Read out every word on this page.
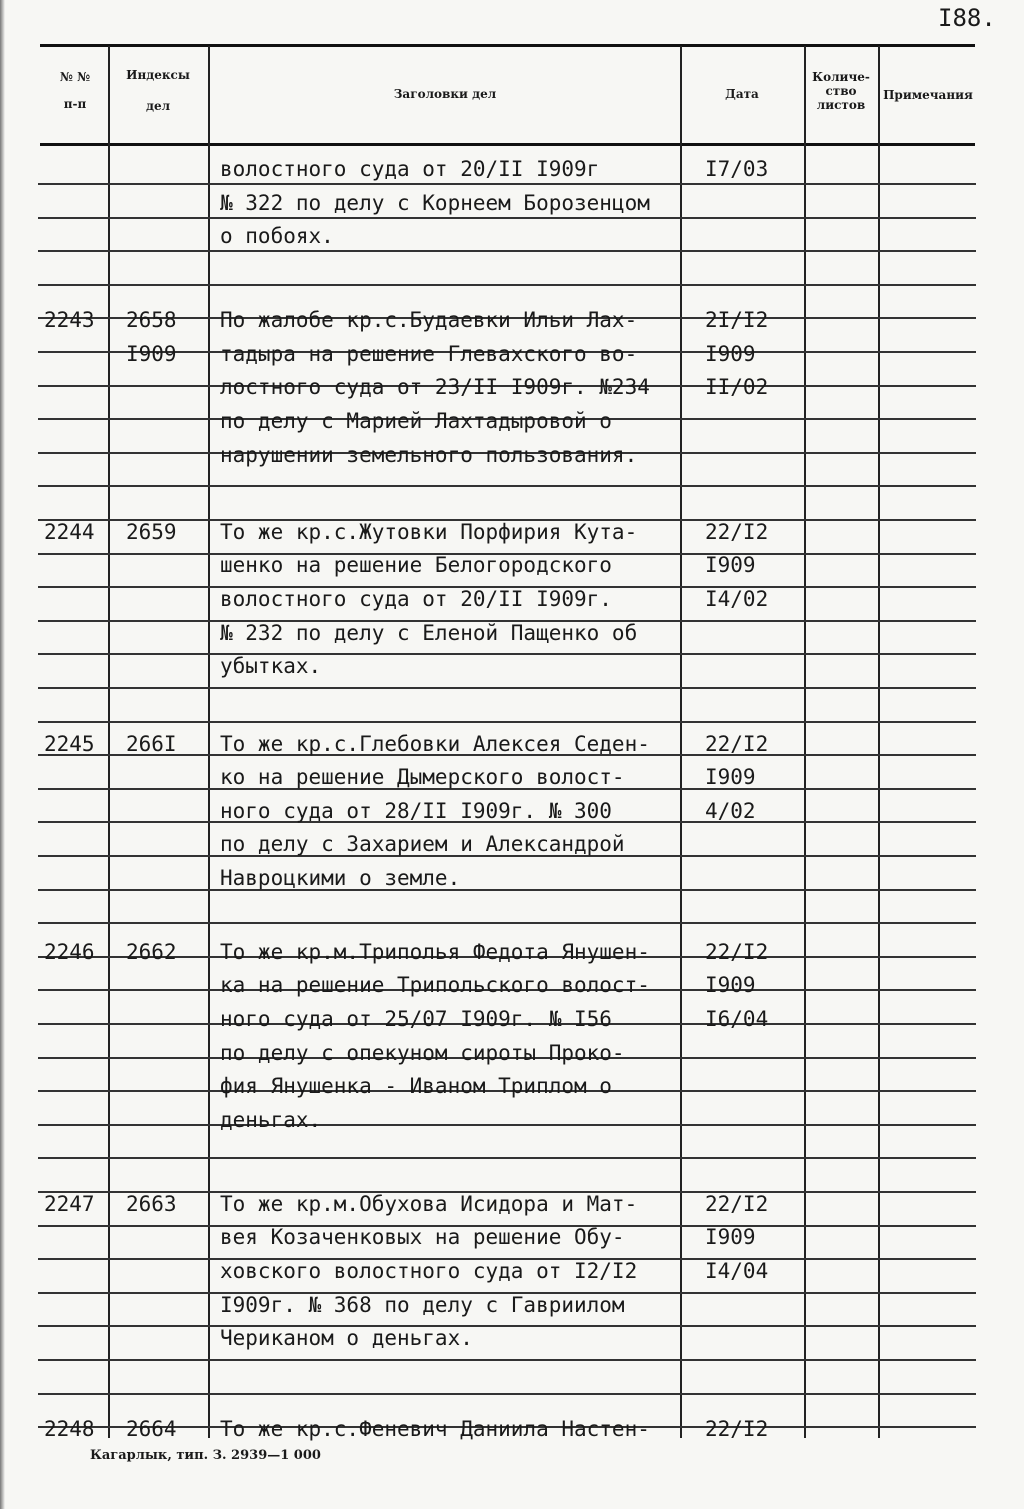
I88.
№ №
п-п
Индексы
дел
Заголовки дел	Дата
Количе-
ство
листов
Примечания
волостного суда от 20/II I909г
№ 322 по делу с Корнеем Борозенцом
о побоях.
I7/03
2243 2658
I909
По жалобе кр.с.Будаевки Ильи Лах-
тадыра на решение Глевахского во-
лостного суда от 23/II I909г. №234
по делу с Марией Лахтадыровой о
нарушении земельного пользования.
2I/I2
I909
II/02
2244 2659 То же кр.с.Жутовки Порфирия Кута-
шенко на решение Белогородского
волостного суда от 20/II I909г.
№ 232 по делу с Еленой Пащенко об
убытках.
22/I2
I909
I4/02
2245 266I То же кр.с.Глебовки Алексея Седен-
ко на решение Дымерского волост-
ного суда от 28/II I909г. № 300
по делу с Захарием и Александрой
Навроцкими о земле.
22/I2
I909
4/02
2246 2662 То же кр.м.Триполья Федота Янушен-
ка на решение Трипольского волост-
ного суда от 25/07 I909г. № I56
по делу с опекуном сироты Проко-
фия Янушенка - Иваном Триплом о
деньгах.
22/I2
I909
I6/04
2247 2663 То же кр.м.Обухова Исидора и Мат-
вея Козаченковых на решение Обу-
ховского волостного суда от I2/I2
I909г. № 368 по делу с Гавриилом
Чериканом о деньгах.
22/I2
I909
I4/04
2248 2664 То же кр.с.Феневич Даниила Настен-	22/I2
Кагарлык, тип. З. 2939—1 000
